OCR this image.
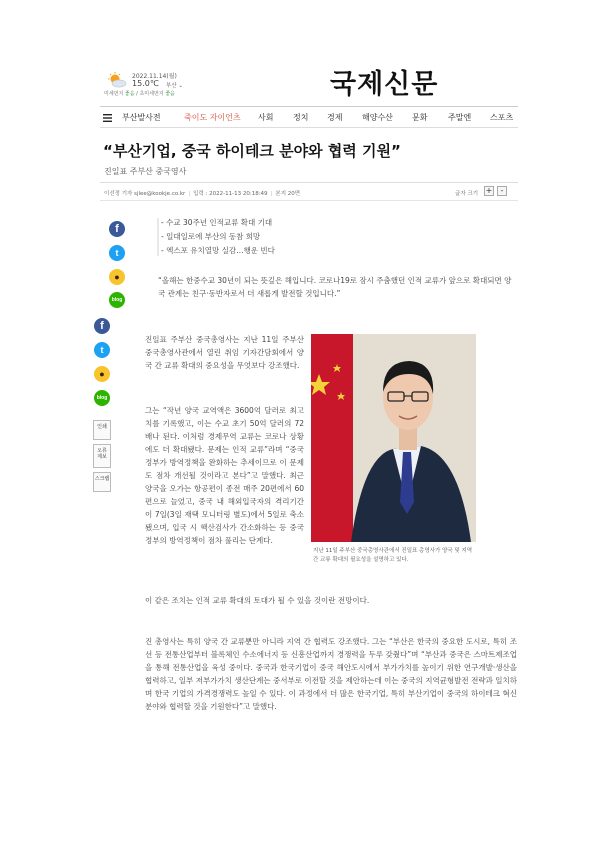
2022.11.14(월)
15.0℃ 부산 ⌄
미세먼지 좋음 / 초미세먼지 좋음	국제신문
부산발사전	죽이도 자이언츠 사회 정치 경제 해양수산 문화	주말엔 스포츠
“부산기업, 중국 하이테크 분야와 협력 기원”
진일표 주부산 중국영사
이선정 기자 sjlee@kookje.co.kr | 입력 : 2022-11-13 20:18:49 | 본지 20면	글자 크기 +	-
f
t
●
blog
f
t
●
blog
인쇄
오류 제보
스크랩
- 수교 30주년 인적교류 확대 기대
- 일대일로에 부산의 동참 희망
- 엑스포 유치열망 실감…행운 빈다

“올해는 한중수교 30년이 되는 뜻깊은 해입니다. 코로나19로 잠시 주춤했던 인적 교류가 앞으로 확대되면 양국 관계는 친구·동반자로서 더 새롭게 발전할 것입니다.”

진일표 주부산 중국총영사는 지난 11일 주부산 중국총영사관에서 열린 취임 기자간담회에서 양국 간 교류 확대의 중요성을 무엇보다 강조했다.

그는 “작년 양국 교역액은 3600억 달러로 최고치를 기록했고, 이는 수교 초기 50억 달러의 72배나 된다. 이처럼 경제무역 교류는 코로나 상황에도 더 확대됐다. 문제는 인적 교류”라며 “중국 정부가 방역정책을 완화하는 추세이므로 이 문제도 점차 개선될 것이라고 본다”고 말했다. 최근 양국을 오가는 항공편이 종전 매주 20편에서 60편으로 늘었고, 중국 내 해외입국자의 격리기간이 7일(3일 재택 모니터링 별도)에서 5일로 축소됐으며, 입국 시 핵산검사가 간소화하는 등 중국 정부의 방역정책이 점차 풀리는 단계다.

이 같은 조치는 인적 교류 확대의 토대가 될 수 있을 것이란 전망이다.

진 총영사는 특히 양국 간 교류뿐만 아니라 지역 간 협력도 강조했다. 그는 “부산은 한국의 중요한 도시로, 특히 조선 등 전통산업부터 블록체인 수소에너지 등 신흥산업까지 경쟁력을 두루 갖췄다”며 “부산과 중국은 스마트제조업을 통해 전통산업을 육성 중이다. 중국과 한국기업이 중국 해안도시에서 부가가치를 높이기 위한 연구개발·생산을 협력하고, 일부 저부가가치 생산단계는 중서부로 이전할 것을 제안하는데 이는 중국의 지역균형발전 전략과 일치하며 한국 기업의 가격경쟁력도 높일 수 있다. 이 과정에서 더 많은 한국기업, 특히 부산기업이 중국의 하이테크 혁신 분야와 협력할 것을 기원한다”고 말했다.

지난 11일 주부산 중국총영사관에서 진일표 총영사가 양국 및 지역 간 교류 확대의 필요성을 설명하고 있다.
